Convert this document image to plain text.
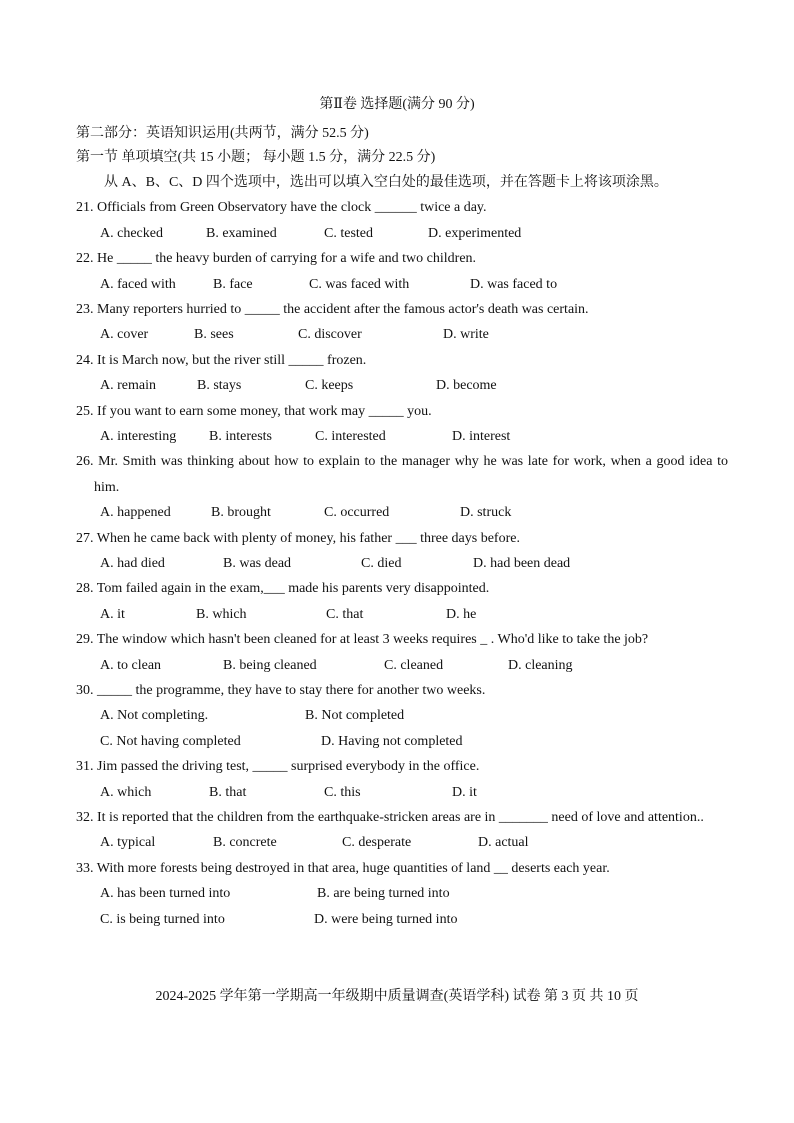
第Ⅱ卷 选择题(满分 90 分)
第二部分：英语知识运用(共两节，满分 52.5 分)
第一节 单项填空(共 15 小题； 每小题 1.5 分，满分 22.5 分)
从 A、B、C、D 四个选项中，选出可以填入空白处的最佳选项，并在答题卡上将该项涂黑。
21. Officials from Green Observatory have the clock ______ twice a day.
A. checked	B. examined	C. tested	D. experimented
22. He _____ the heavy burden of carrying for a wife and two children.
A. faced with	B. face	C. was faced with	D. was faced to
23. Many reporters hurried to _____ the accident after the famous actor's death was certain.
A. cover	B. sees	C. discover	D. write
24. It is March now, but the river still _____ frozen.
A. remain	B. stays	C. keeps	D. become
25. If you want to earn some money, that work may _____ you.
A. interesting B. interests	C. interested	D. interest
26. Mr. Smith was thinking about how to explain to the manager why he was late for work, when a good idea to him.
A. happened	B. brought	C. occurred	D. struck
27. When he came back with plenty of money, his father ___ three days before.
A. had died	B. was dead	C. died	D. had been dead
28. Tom failed again in the exam,___ made his parents very disappointed.
A. it	B. which	C. that	D. he
29. The window which hasn't been cleaned for at least 3 weeks requires _ . Who'd like to take the job?
A. to clean	B. being cleaned	C. cleaned	D. cleaning
30. _____ the programme, they have to stay there for another two weeks.
A. Not completing.	B. Not completed
C. Not having completed	D. Having not completed
31. Jim passed the driving test, _____ surprised everybody in the office.
A. which	B. that	C. this	D. it
32. It is reported that the children from the earthquake-stricken areas are in _______ need of love and attention..
A. typical	B. concrete	C. desperate	D. actual
33. With more forests being destroyed in that area, huge quantities of land __ deserts each year.
A. has been turned into	B. are being turned into
C. is being turned into	D. were being turned into
2024-2025 学年第一学期高一年级期中质量调查(英语学科) 试卷 第 3 页 共 10 页
